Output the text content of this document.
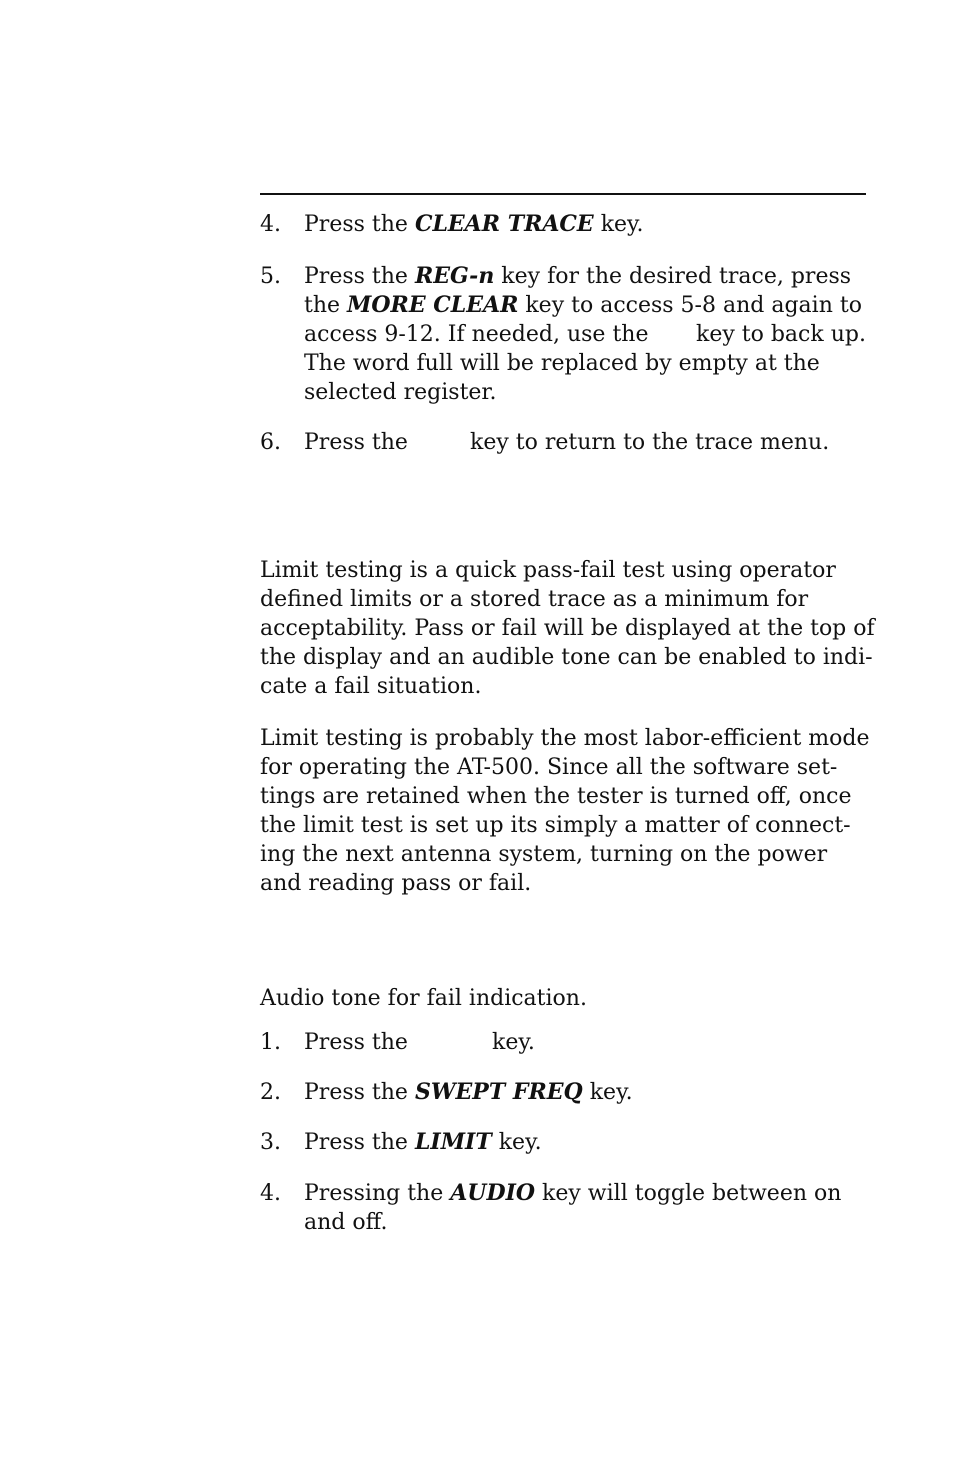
4. Press the CLEAR TRACE key.
5. Press the REG-n key for the desired trace, press
the MORE CLEAR key to access 5-8 and again to
access 9-12. If needed, use the key to back up.
The word full will be replaced by empty at the
selected register.
6. Press the	key to return to the trace menu.
Limit testing is a quick pass-fail test using operator
defined limits or a stored trace as a minimum for
acceptability. Pass or fail will be displayed at the top of
the display and an audible tone can be enabled to indi-
cate a fail situation.
Limit testing is probably the most labor-efficient mode
for operating the AT-500. Since all the software set-
tings are retained when the tester is turned off, once
the limit test is set up its simply a matter of connect-
ing the next antenna system, turning on the power
and reading pass or fail.
Audio tone for fail indication.
1. Press the	key.
2. Press the SWEPT FREQ key.
3. Press the LIMIT key.
4. Pressing the AUDIO key will toggle between on
and off.
